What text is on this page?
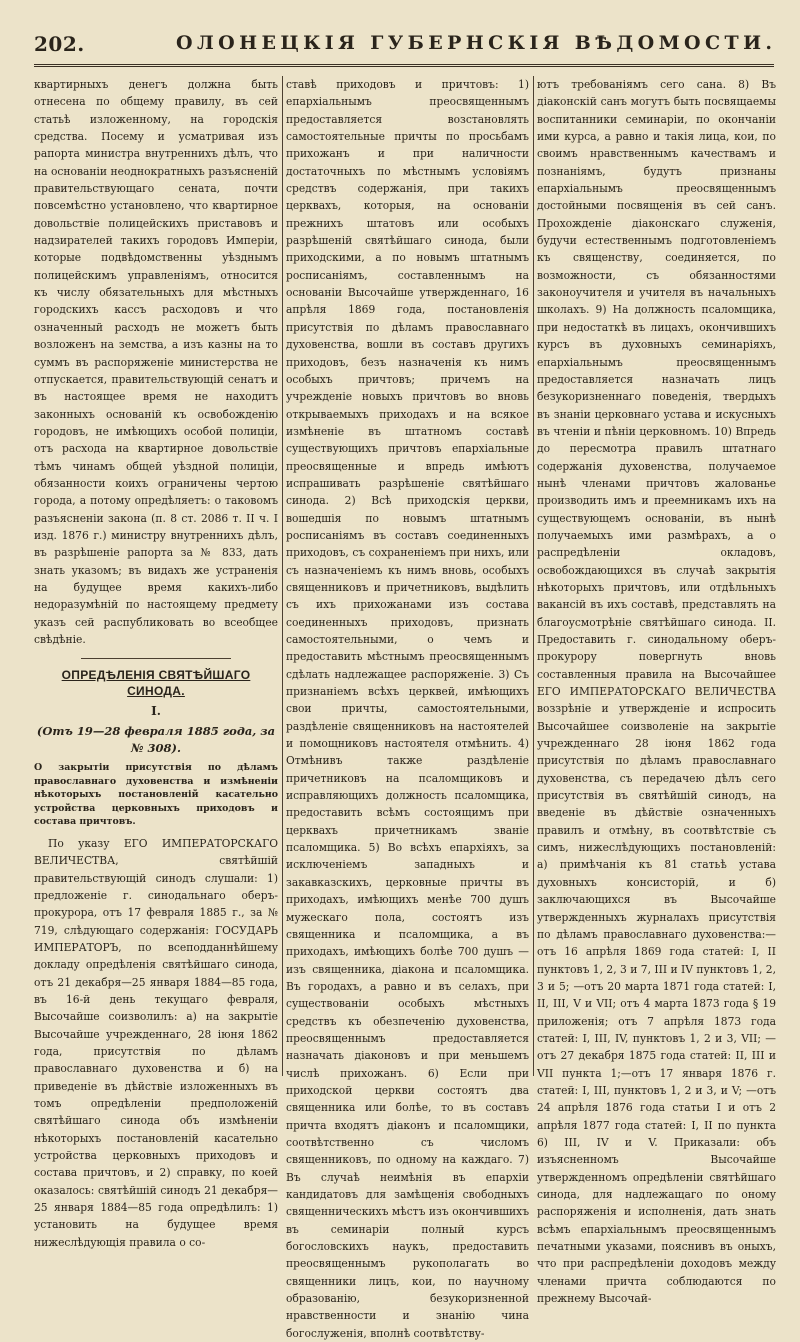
202.	ОЛОНЕЦКІЯ ГУБЕРНСКІЯ ВѢДОМОСТИ.

квартирныхъ денегъ должна быть отнесена по общему правилу, въ сей статьѣ изложенному, на городскія средства. Посему и усматривая изъ рапорта министра внутреннихъ дѣлъ, что на основаніи неоднократныхъ разъясненій правительствующаго сената, почти повсемѣстно установлено, что квартирное довольствіе полицейскихъ приставовъ и надзирателей такихъ городовъ Имперіи, которые подвѣдомственны уѣзднымъ полицейскимъ управленіямъ, относится къ числу обязательныхъ для мѣстныхъ городскихъ кассъ расходовъ и что означенный расходъ не можетъ быть возложенъ на земства, а изъ казны на то суммъ въ распоряженіе министерства не отпускается, правительствующій сенатъ и въ настоящее время не находитъ законныхъ основаній къ освобожденію городовъ, не имѣющихъ особой полиціи, отъ расхода на квартирное довольствіе тѣмъ чинамъ общей уѣздной полиціи, обязанности коихъ ограничены чертою города, а потому опредѣляетъ: о таковомъ разъясненіи закона (п. 8 ст. 2086 т. II ч. I изд. 1876 г.) министру внутреннихъ дѣлъ, въ разрѣшеніе рапорта за № 833, дать знать указомъ; въ видахъ же устраненія на будущее время какихъ-либо недоразумѣній по настоящему предмету указъ сей распубликовать во всеобщее свѣдѣніе.

ОПРЕДѢЛЕНІЯ СВЯТѢЙШАГО СИНОДА.
I.
(Отъ 19—28 февраля 1885 года, за № 308).
О закрытіи присутствія по дѣламъ православнаго духовенства и измѣненіи нѣкоторыхъ постановленій касательно устройства церковныхъ приходовъ и состава причтовъ.

По указу ЕГО ИМПЕРАТОРСКАГО ВЕЛИЧЕСТВА, святѣйшій правительствующій синодъ слушали: 1) предложеніе г. синодальнаго оберъ-прокурора, отъ 17 февраля 1885 г., за № 719, слѣдующаго содержанія: ГОСУДАРЬ ИМПЕРАТОРЪ, по всеподданнѣйшему докладу опредѣленія святѣйшаго синода, отъ 21 декабря—25 января 1884—85 года, въ 16-й день текущаго февраля, Высочайше соизволилъ: а) на закрытіе Высочайше учрежденнаго, 28 іюня 1862 года, присутствія по дѣламъ православнаго духовенства и б) на приведеніе въ дѣйствіе изложенныхъ въ томъ опредѣленіи предположеній святѣйшаго синода объ измѣненіи нѣкоторыхъ постановленій касательно устройства церковныхъ приходовъ и состава причтовъ, и 2) справку, по коей оказалось: святѣйшій синодъ 21 декабря—25 января 1884—85 года опредѣлилъ: 1) установить на будущее время нижеслѣдующія правила о со-

ставѣ приходовъ и причтовъ: 1) епархіальнымъ преосвященнымъ предоставляется возстановлять самостоятельные причты по просьбамъ прихожанъ и при наличности достаточныхъ по мѣстнымъ условіямъ средствъ содержанія, при такихъ церквахъ, которыя, на основаніи прежнихъ штатовъ или особыхъ разрѣшеній святѣйшаго синода, были приходскими, а по новымъ штатнымъ росписаніямъ, составленнымъ на основаніи Высочайше утвержденнаго, 16 апрѣля 1869 года, постановленія присутствія по дѣламъ православнаго духовенства, вошли въ составъ другихъ приходовъ, безъ назначенія къ нимъ особыхъ причтовъ; причемъ на учрежденіе новыхъ причтовъ во вновь открываемыхъ приходахъ и на всякое измѣненіе въ штатномъ составѣ существующихъ причтовъ епархіальные преосвященные и впредь имѣютъ испрашивать разрѣшеніе святѣйшаго синода. 2) Всѣ приходскія церкви, вошедшія по новымъ штатнымъ росписаніямъ въ составъ соединенныхъ приходовъ, съ сохраненіемъ при нихъ, или съ назначеніемъ къ нимъ вновь, особыхъ священниковъ и причетниковъ, выдѣлить съ ихъ прихожанами изъ состава соединенныхъ приходовъ, признать самостоятельными, о чемъ и предоставить мѣстнымъ преосвященнымъ сдѣлать надлежащее распоряженіе. 3) Съ признаніемъ всѣхъ церквей, имѣющихъ свои причты, самостоятельными, раздѣленіе священниковъ на настоятелей и помощниковъ настоятеля отмѣнить. 4) Отмѣнивъ также раздѣленіе причетниковъ на псаломщиковъ и исправляющихъ должность псаломщика, предоставить всѣмъ состоящимъ при церквахъ причетникамъ званіе псаломщика. 5) Во всѣхъ епархіяхъ, за исключеніемъ западныхъ и закавказскихъ, церковные причты въ приходахъ, имѣющихъ менѣе 700 душъ мужескаго пола, состоятъ изъ священника и псаломщика, а въ приходахъ, имѣющихъ болѣе 700 душъ — изъ священника, діакона и псаломщика. Въ городахъ, а равно и въ селахъ, при существованіи особыхъ мѣстныхъ средствъ къ обезпеченію духовенства, преосвященнымъ предоставляется назначать діаконовъ и при меньшемъ числѣ прихожанъ. 6) Если при приходской церкви состоятъ два священника или болѣе, то въ составъ причта входятъ діаконъ и псаломщики, соотвѣтственно съ числомъ священниковъ, по одному на каждаго. 7) Въ случаѣ неимѣнія въ епархіи кандидатовъ для замѣщенія свободныхъ священническихъ мѣстъ изъ окончившихъ въ семинаріи полный курсъ богословскихъ наукъ, предоставить преосвященнымъ рукополагать во священники лицъ, кои, по научному образованію, безукоризненной нравственности и знанію чина богослуженія, вполнѣ соотвѣтству-

ютъ требованіямъ сего сана. 8) Въ діаконскій санъ могутъ быть посвящаемы воспитанники семинаріи, по окончаніи ими курса, а равно и такія лица, кои, по своимъ нравственнымъ качествамъ и познаніямъ, будутъ признаны епархіальнымъ преосвященнымъ достойными посвященія въ сей санъ. Прохожденіе діаконскаго служенія, будучи естественнымъ подготовленіемъ къ священству, соединяется, по возможности, съ обязанностями законоучителя и учителя въ начальныхъ школахъ. 9) На должность псаломщика, при недостаткѣ въ лицахъ, окончившихъ курсъ въ духовныхъ семинаріяхъ, епархіальнымъ преосвященнымъ предоставляется назначать лицъ безукоризненнаго поведенія, твердыхъ въ знаніи церковнаго устава и искусныхъ въ чтеніи и пѣніи церковномъ. 10) Впредь до пересмотра правилъ штатнаго содержанія духовенства, получаемое нынѣ членами причтовъ жалованье производить имъ и преемникамъ ихъ на существующемъ основаніи, въ нынѣ получаемыхъ ими размѣрахъ, а о распредѣленіи окладовъ, освобождающихся въ случаѣ закрытія нѣкоторыхъ причтовъ, или отдѣльныхъ вакансій въ ихъ составѣ, представлять на благоусмотрѣніе святѣйшаго синода. II. Предоставить г. синодальному оберъ-прокурору повергнуть вновь составленныя правила на Высочайшее ЕГО ИМПЕРАТОРСКАГО ВЕЛИЧЕСТВА воззрѣніе и утвержденіе и испросить Высочайшее соизволеніе на закрытіе учрежденнаго 28 іюня 1862 года присутствія по дѣламъ православнаго духовенства, съ передачею дѣлъ сего присутствія въ святѣйшій синодъ, на введеніе въ дѣйствіе означенныхъ правилъ и отмѣну, въ соотвѣтствіе съ симъ, нижеслѣдующихъ постановленій: а) примѣчанія къ 81 статьѣ устава духовныхъ консисторій, и б) заключающихся въ Высочайше утвержденныхъ журналахъ присутствія по дѣламъ православнаго духовенства:—отъ 16 апрѣля 1869 года статей: I, II пунктовъ 1, 2, 3 и 7, III и IV пунктовъ 1, 2, 3 и 5; —отъ 20 марта 1871 года статей: I, II, III, V и VII; отъ 4 марта 1873 года § 19 приложенія; отъ 7 апрѣля 1873 года статей: I, III, IV, пунктовъ 1, 2 и 3, VII; — отъ 27 декабря 1875 года статей: II, III и VII пункта 1;—отъ 17 января 1876 г. статей: I, III, пунктовъ 1, 2 и 3, и V; —отъ 24 апрѣля 1876 года статьи I и отъ 2 апрѣля 1877 года статей: I, II по пункта 6) III, IV и V. Приказали: объ изъясненномъ Высочайше утвержденномъ опредѣленіи святѣйшаго синода, для надлежащаго по оному распоряженія и исполненія, дать знать всѣмъ епархіальнымъ преосвященнымъ печатными указами, пояснивъ въ оныхъ, что при распредѣленіи доходовъ между членами причта соблюдаются по прежнему Высочай-
